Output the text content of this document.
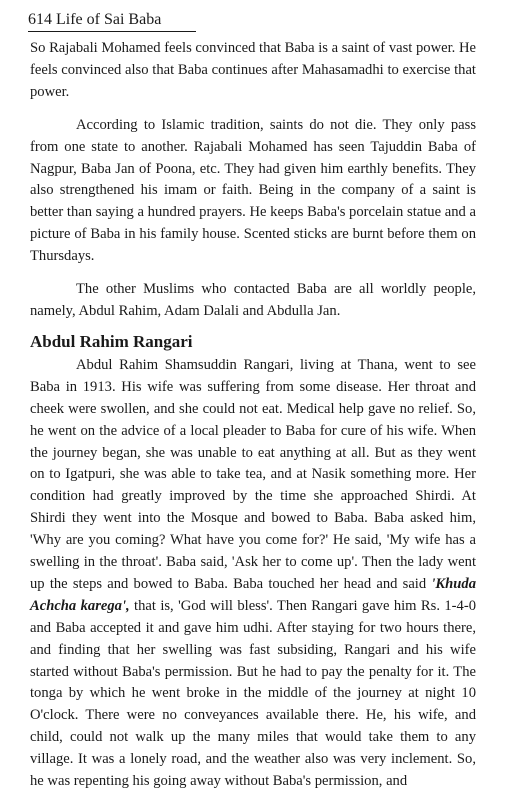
614 Life of Sai Baba

So Rajabali Mohamed feels convinced that Baba is a saint of vast power. He feels convinced also that Baba continues after Mahasamadhi to exercise that power.

According to Islamic tradition, saints do not die. They only pass from one state to another. Rajabali Mohamed has seen Tajuddin Baba of Nagpur, Baba Jan of Poona, etc. They had given him earthly benefits. They also strengthened his imam or faith. Being in the company of a saint is better than saying a hundred prayers. He keeps Baba's porcelain statue and a picture of Baba in his family house. Scented sticks are burnt before them on Thursdays.

The other Muslims who contacted Baba are all worldly people, namely, Abdul Rahim, Adam Dalali and Abdulla Jan.

Abdul Rahim Rangari

Abdul Rahim Shamsuddin Rangari, living at Thana, went to see Baba in 1913. His wife was suffering from some disease. Her throat and cheek were swollen, and she could not eat. Medical help gave no relief. So, he went on the advice of a local pleader to Baba for cure of his wife. When the journey began, she was unable to eat anything at all. But as they went on to Igatpuri, she was able to take tea, and at Nasik something more. Her condition had greatly improved by the time she approached Shirdi. At Shirdi they went into the Mosque and bowed to Baba. Baba asked him, 'Why are you coming? What have you come for?' He said, 'My wife has a swelling in the throat'. Baba said, 'Ask her to come up'. Then the lady went up the steps and bowed to Baba. Baba touched her head and said 'Khuda Achcha karega', that is, 'God will bless'. Then Rangari gave him Rs. 1-4-0 and Baba accepted it and gave him udhi. After staying for two hours there, and finding that her swelling was fast subsiding, Rangari and his wife started without Baba's permission. But he had to pay the penalty for it. The tonga by which he went broke in the middle of the journey at night 10 O'clock. There were no conveyances available there. He, his wife, and child, could not walk up the many miles that would take them to any village. It was a lonely road, and the weather also was very inclement. So, he was repenting his going away without Baba's permission, and
